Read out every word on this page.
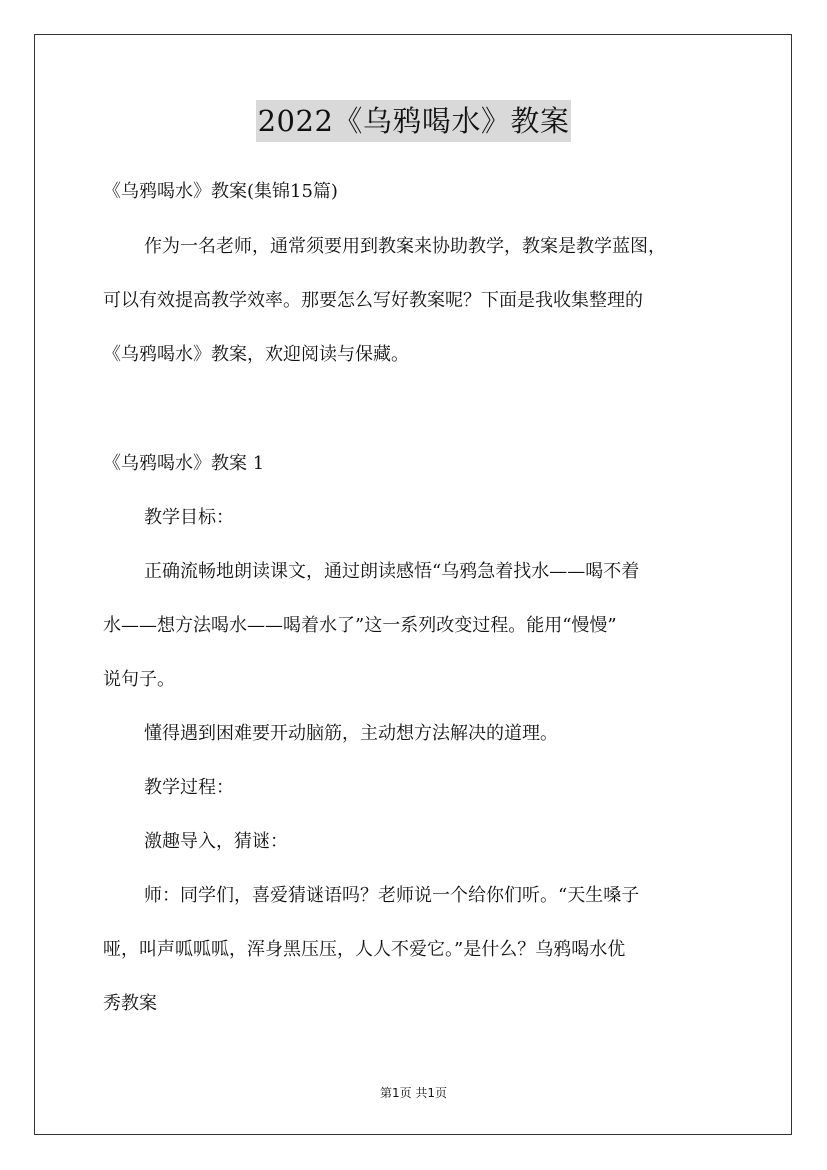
2022《乌鸦喝水》教案

《乌鸦喝水》教案(集锦15篇)

作为一名老师，通常须要用到教案来协助教学，教案是教学蓝图，

可以有效提高教学效率。那要怎么写好教案呢？下面是我收集整理的

《乌鸦喝水》教案，欢迎阅读与保藏。

《乌鸦喝水》教案 1

教学目标：

正确流畅地朗读课文，通过朗读感悟“乌鸦急着找水——喝不着

水——想方法喝水——喝着水了”这一系列改变过程。能用“慢慢”

说句子。

懂得遇到困难要开动脑筋，主动想方法解决的道理。

教学过程：

激趣导入，猜谜：

师：同学们，喜爱猜谜语吗？老师说一个给你们听。“天生嗓子

哑，叫声呱呱呱，浑身黑压压，人人不爱它。”是什么？乌鸦喝水优

秀教案

第1页 共1页
